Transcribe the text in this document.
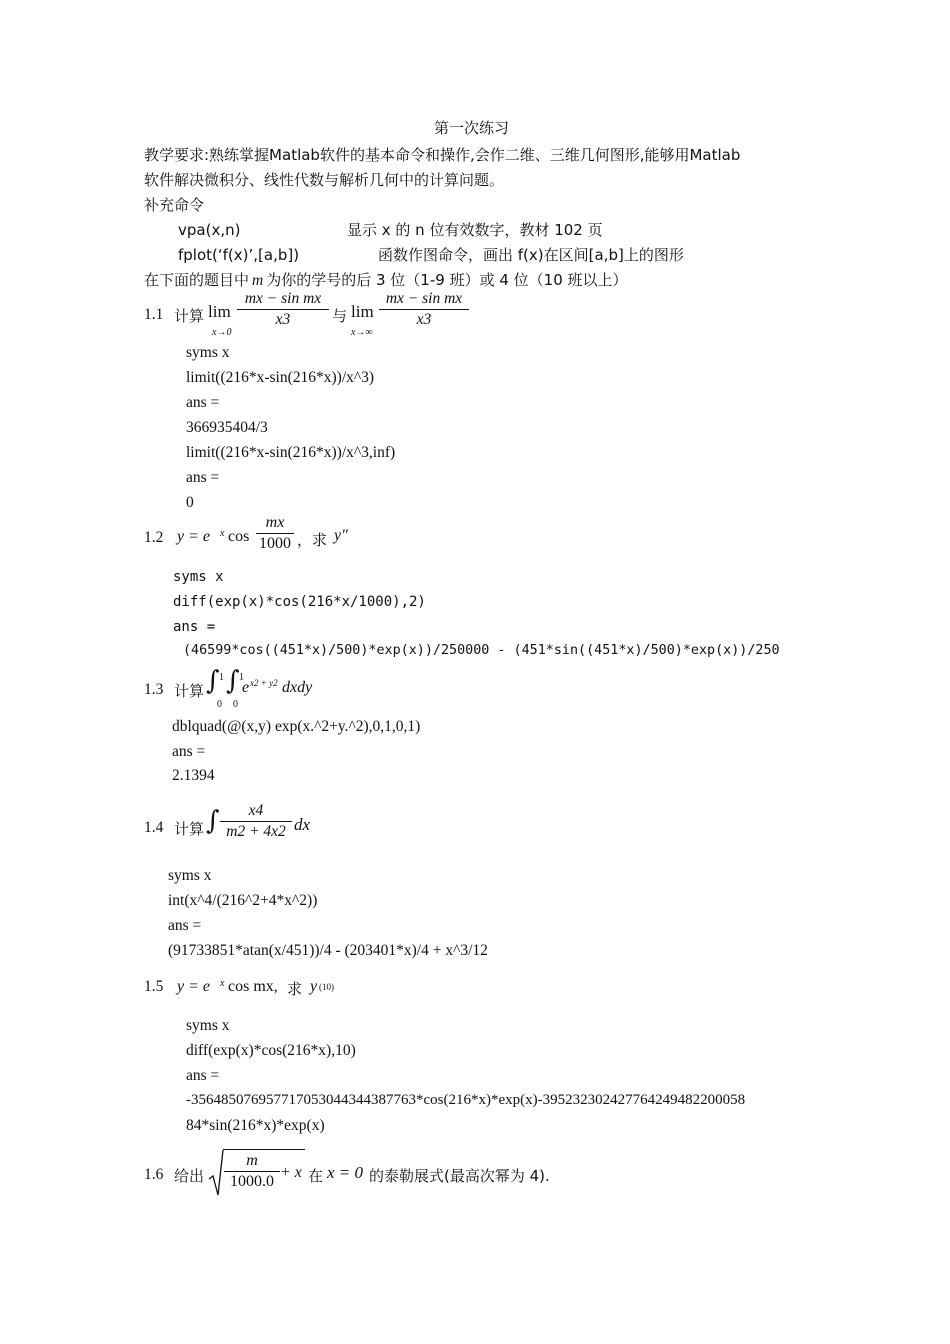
第一次练习
教学要求:熟练掌握Matlab软件的基本命令和操作,会作二维、三维几何图形,能够用Matlab
软件解决微积分、线性代数与解析几何中的计算问题。
补充命令
vpa(x,n)	显示 x 的 n 位有效数字，教材 102 页
fplot(‘f(x)’,[a,b])	函数作图命令，画出 f(x)在区间[a,b]上的图形
在下面的题目中 m 为你的学号的后 3 位（1-9 班）或 4 位（10 班以上）
1.1 计算 lim
x→0
$\frac{\text{mx − sin mx}}{x3}$ 与 lim
x→∞
$\frac{\text{mx − sin mx}}{x3}$
syms x
limit((216*x-sin(216*x))/x^3)
ans =
366935404/3
limit((216*x-sin(216*x))/x^3,inf)
ans =
0
1.2 y = e x $\cos \frac{mx}{1000}$ ，求 y"
syms x
diff(exp(x)*cos(216*x/1000),2)
ans =
(46599*cos((451*x)/500)*exp(x))/250000 - (451*sin((451*x)/500)*exp(x))/250
1.3 计算 ∫ 1
0
∫ 1
0
e x2 + y2 dxdy
dblquad(@(x,y) exp(x.^2+y.^2),0,1,0,1)
ans =
2.1394
1.4 计算 ∫ $\frac{x4}{m2 + 4x2}$ dx
syms x
int(x^4/(216^2+4*x^2))
ans =
(91733851*atan(x/451))/4 - (203401*x)/4 + x^3/12
1.5 y = e x cos mx, 求 y (10)
syms x
diff(exp(x)*cos(216*x),10)
ans =
-356485076957717053044344387763*cos(216*x)*exp(x)-395232302427764249482200058
84*sin(216*x)*exp(x)
1.6 给出 $\frac{m}{1000.0} + x$ 在 x = 0 的泰勒展式(最高次幂为 4).
